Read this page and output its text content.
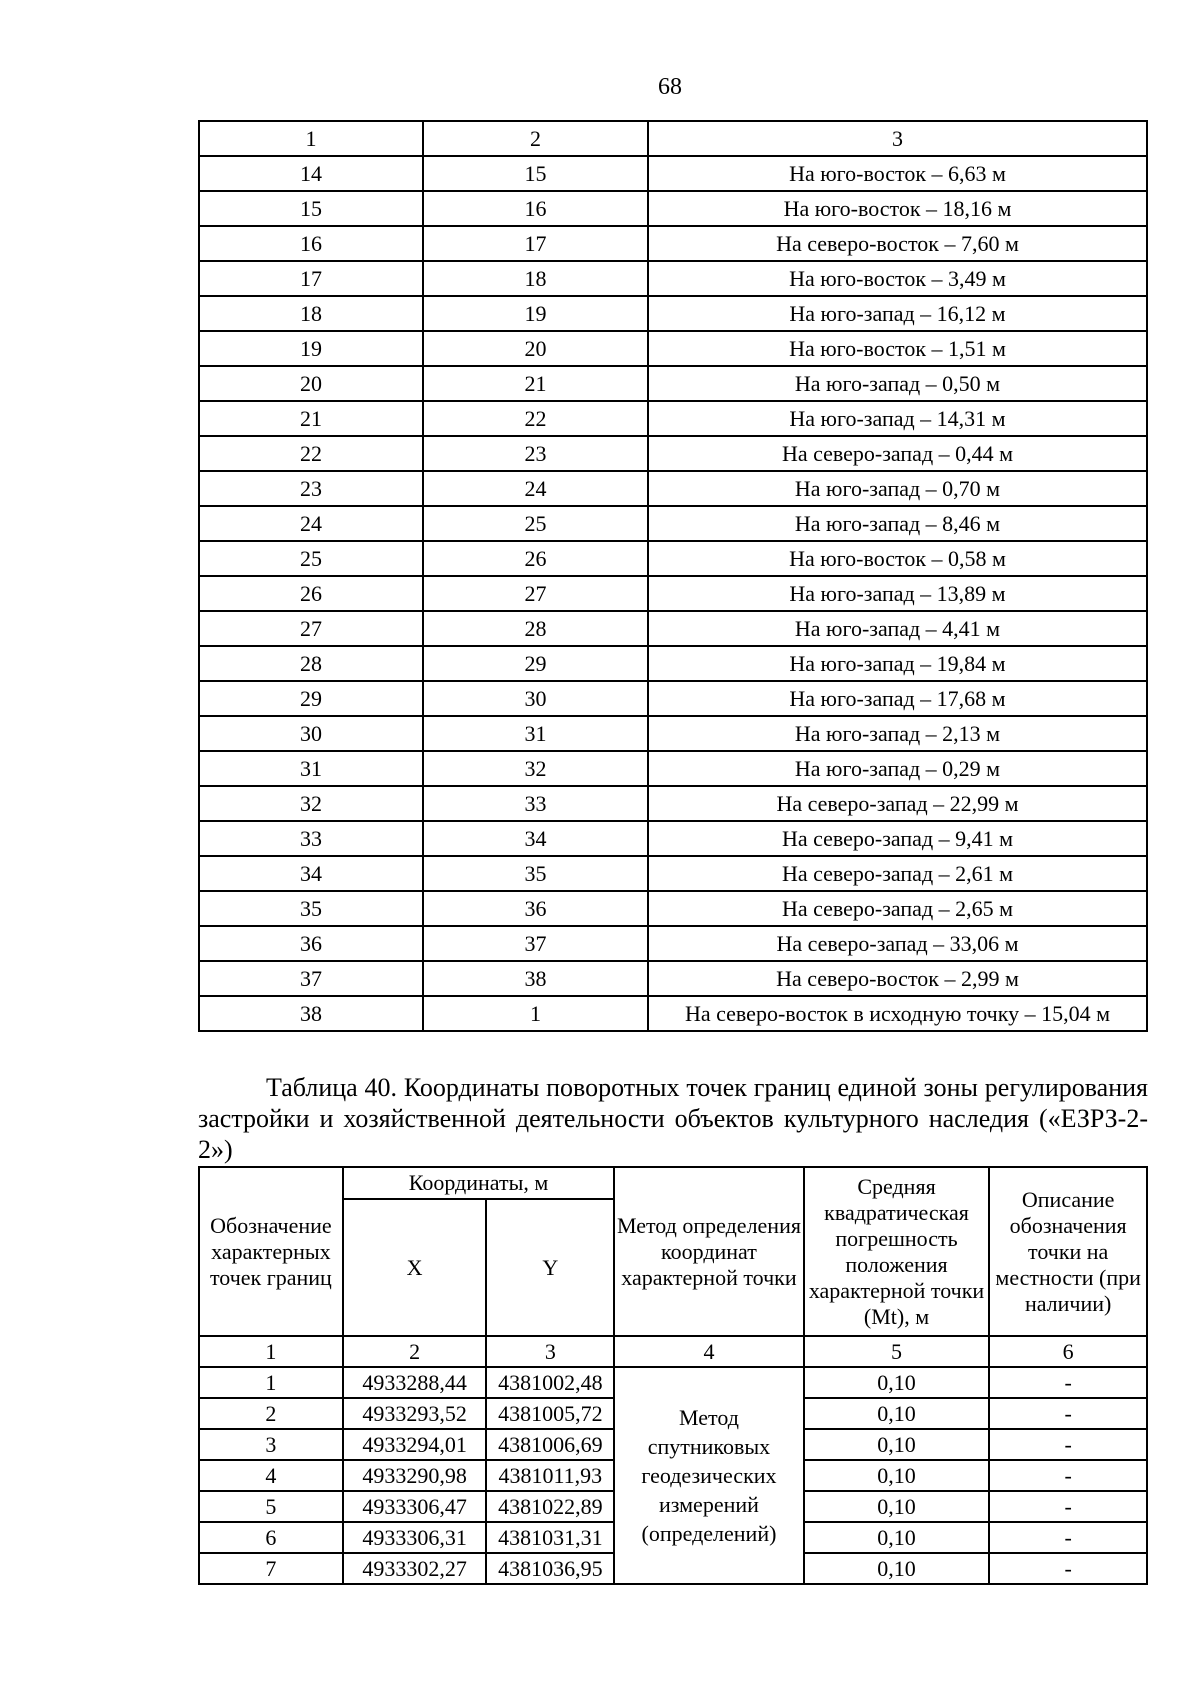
68
1	2	3
14	15	На юго-восток – 6,63 м
15	16	На юго-восток – 18,16 м
16	17	На северо-восток – 7,60 м
17	18	На юго-восток – 3,49 м
18	19	На юго-запад – 16,12 м
19	20	На юго-восток – 1,51 м
20	21	На юго-запад – 0,50 м
21	22	На юго-запад – 14,31 м
22	23	На северо-запад – 0,44 м
23	24	На юго-запад – 0,70 м
24	25	На юго-запад – 8,46 м
25	26	На юго-восток – 0,58 м
26	27	На юго-запад – 13,89 м
27	28	На юго-запад – 4,41 м
28	29	На юго-запад – 19,84 м
29	30	На юго-запад – 17,68 м
30	31	На юго-запад – 2,13 м
31	32	На юго-запад – 0,29 м
32	33	На северо-запад – 22,99 м
33	34	На северо-запад – 9,41 м
34	35	На северо-запад – 2,61 м
35	36	На северо-запад – 2,65 м
36	37	На северо-запад – 33,06 м
37	38	На северо-восток – 2,99 м
38	1	На северо-восток в исходную точку – 15,04 м
Таблица 40. Координаты поворотных точек границ единой зоны регулирования застройки и хозяйственной деятельности объектов культурного наследия («ЕЗРЗ-2-2»)
Обозначение характерных точек границ	Координаты, м		Метод определения координат характерной точки	Средняя квадратическая погрешность положения характерной точки (Mt), м	Описание обозначения точки на местности (при наличии)
	X	Y			
1	2	3	4	5	6
1	4933288,44	4381002,48	Метод спутниковых геодезических измерений (определений)	0,10	-
2	4933293,52	4381005,72		0,10	-
3	4933294,01	4381006,69		0,10	-
4	4933290,98	4381011,93		0,10	-
5	4933306,47	4381022,89		0,10	-
6	4933306,31	4381031,31		0,10	-
7	4933302,27	4381036,95		0,10	-
